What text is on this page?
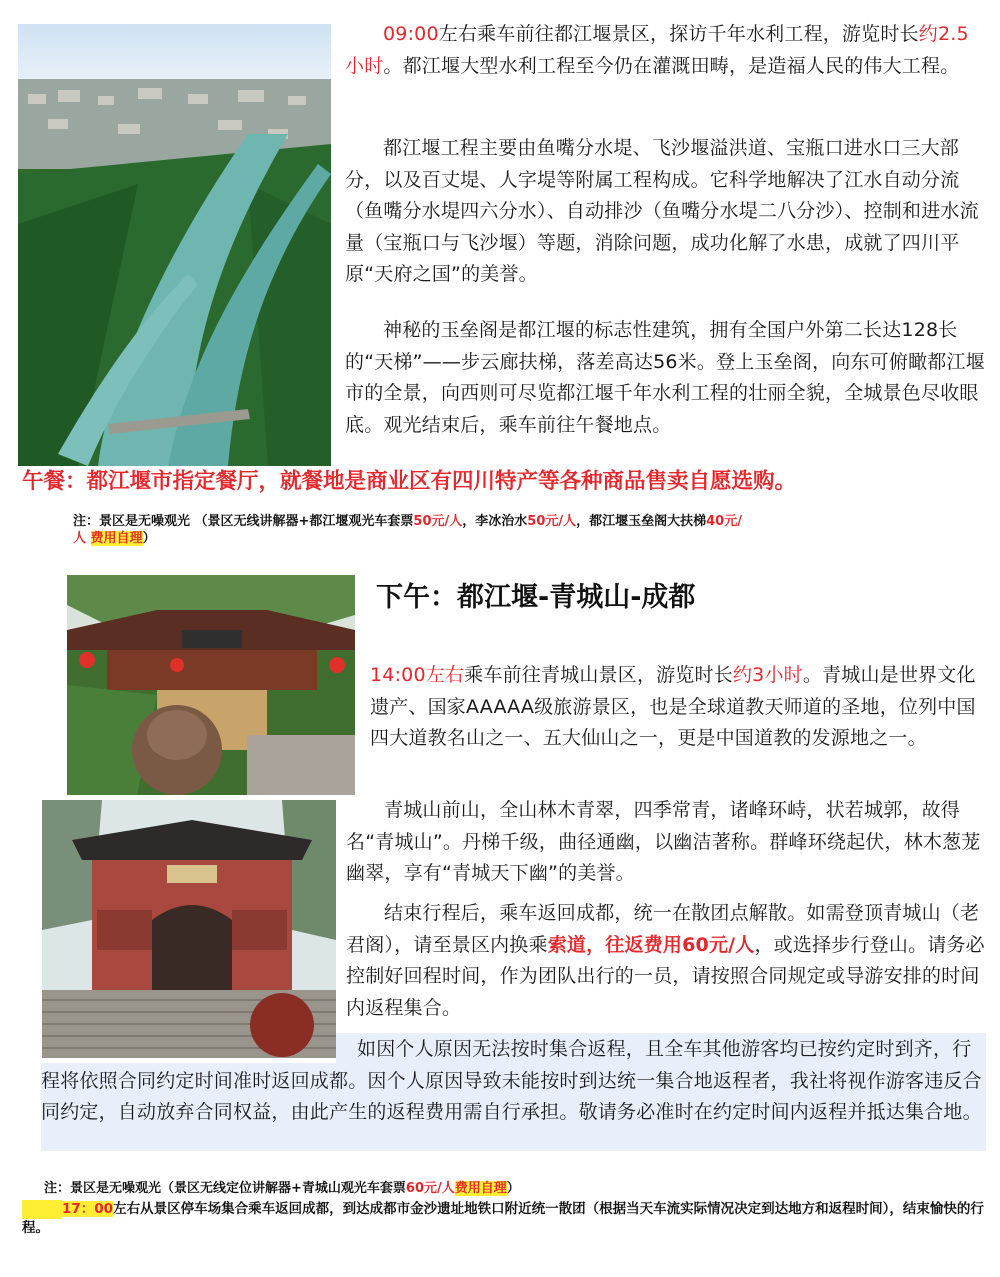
09:00左右乘车前往都江堰景区，探访千年水利工程，游览时长约2.5小时。都江堰大型水利工程至今仍在灌溉田畴，是造福人民的伟大工程。
都江堰工程主要由鱼嘴分水堤、飞沙堰溢洪道、宝瓶口进水口三大部分，以及百丈堤、人字堤等附属工程构成。它科学地解决了江水自动分流（鱼嘴分水堤四六分水）、自动排沙（鱼嘴分水堤二八分沙）、控制和进水流量（宝瓶口与飞沙堰）等题，消除问题，成功化解了水患，成就了四川平原“天府之国”的美誉。
神秘的玉垒阁是都江堰的标志性建筑，拥有全国户外第二长达128长的“天梯”——步云廊扶梯，落差高达56米。登上玉垒阁，向东可俯瞰都江堰市的全景，向西则可尽览都江堰千年水利工程的壮丽全貌，全城景色尽收眼底。观光结束后，乘车前往午餐地点。
午餐：都江堰市指定餐厅，就餐地是商业区有四川特产等各种商品售卖自愿选购。
注：景区是无噪观光 （景区无线讲解器+都江堰观光车套票50元/人，李冰治水50元/人，都江堰玉垒阁大扶梯40元/
人 费用自理）
下午：都江堰-青城山-成都
14:00左右乘车前往青城山景区，游览时长约3小时。青城山是世界文化遗产、国家AAAAA级旅游景区，也是全球道教天师道的圣地，位列中国四大道教名山之一、五大仙山之一，更是中国道教的发源地之一。
青城山前山，全山林木青翠，四季常青，诸峰环峙，状若城郭，故得名“青城山”。丹梯千级，曲径通幽，以幽洁著称。群峰环绕起伏，林木葱茏幽翠，享有“青城天下幽”的美誉。
结束行程后，乘车返回成都，统一在散团点解散。如需登顶青城山（老君阁），请至景区内换乘索道，往返费用60元/人，或选择步行登山。请务必控制好回程时间，作为团队出行的一员，请按照合同规定或导游安排的时间内返程集合。
如因个人原因无法按时集合返程，且全车其他游客均已按约定时到齐，行程将依照合同约定时间准时返回成都。因个人原因导致未能按时到达统一集合地返程者，我社将视作游客违反合同约定，自动放弃合同权益，由此产生的返程费用需自行承担。敬请务必准时在约定时间内返程并抵达集合地。
注：景区是无噪观光（景区无线定位讲解器+青城山观光车套票60元/人费用自理）
17：00左右从景区停车场集合乘车返回成都，到达成都市金沙遗址地铁口附近统一散团（根据当天车流实际情况决定到达地方和返程时间），结束愉快的行程。
